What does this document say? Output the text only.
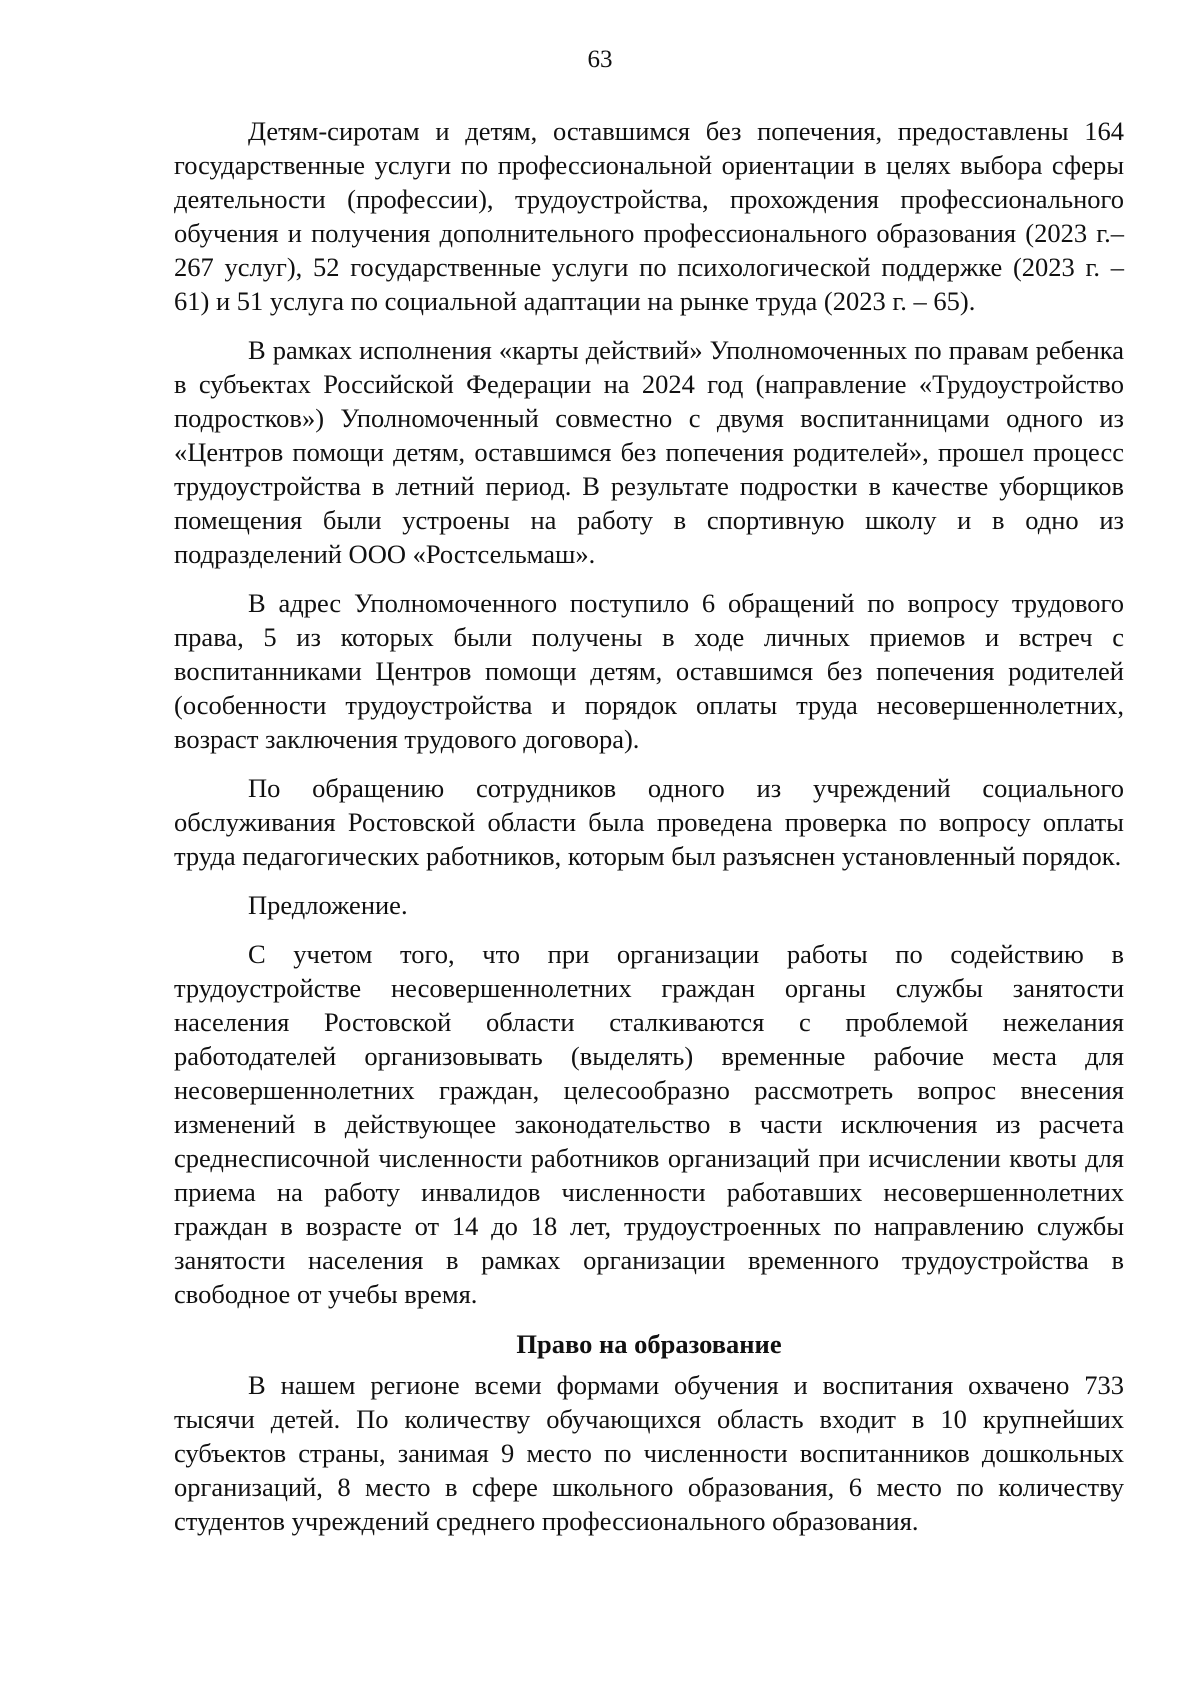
63

Детям-сиротам и детям, оставшимся без попечения, предоставлены 164 государственные услуги по профессиональной ориентации в целях выбора сферы деятельности (профессии), трудоустройства, прохождения профессионального обучения и получения дополнительного профессионального образования (2023 г.– 267 услуг), 52 государственные услуги по психологической поддержке (2023 г. – 61) и 51 услуга по социальной адаптации на рынке труда (2023 г. – 65).

В рамках исполнения «карты действий» Уполномоченных по правам ребенка в субъектах Российской Федерации на 2024 год (направление «Трудоустройство подростков») Уполномоченный совместно с двумя воспитанницами одного из «Центров помощи детям, оставшимся без попечения родителей», прошел процесс трудоустройства в летний период. В результате подростки в качестве уборщиков помещения были устроены на работу в спортивную школу и в одно из подразделений ООО «Ростсельмаш».

В адрес Уполномоченного поступило 6 обращений по вопросу трудового права, 5 из которых были получены в ходе личных приемов и встреч с воспитанниками Центров помощи детям, оставшимся без попечения родителей (особенности трудоустройства и порядок оплаты труда несовершеннолетних, возраст заключения трудового договора).

По обращению сотрудников одного из учреждений социального обслуживания Ростовской области была проведена проверка по вопросу оплаты труда педагогических работников, которым был разъяснен установленный порядок.

Предложение.

С учетом того, что при организации работы по содействию в трудоустройстве несовершеннолетних граждан органы службы занятости населения Ростовской области сталкиваются с проблемой нежелания работодателей организовывать (выделять) временные рабочие места для несовершеннолетних граждан, целесообразно рассмотреть вопрос внесения изменений в действующее законодательство в части исключения из расчета среднесписочной численности работников организаций при исчислении квоты для приема на работу инвалидов численности работавших несовершеннолетних граждан в возрасте от 14 до 18 лет, трудоустроенных по направлению службы занятости населения в рамках организации временного трудоустройства в свободное от учебы время.

Право на образование

В нашем регионе всеми формами обучения и воспитания охвачено 733 тысячи детей. По количеству обучающихся область входит в 10 крупнейших субъектов страны, занимая 9 место по численности воспитанников дошкольных организаций, 8 место в сфере школьного образования, 6 место по количеству студентов учреждений среднего профессионального образования.
